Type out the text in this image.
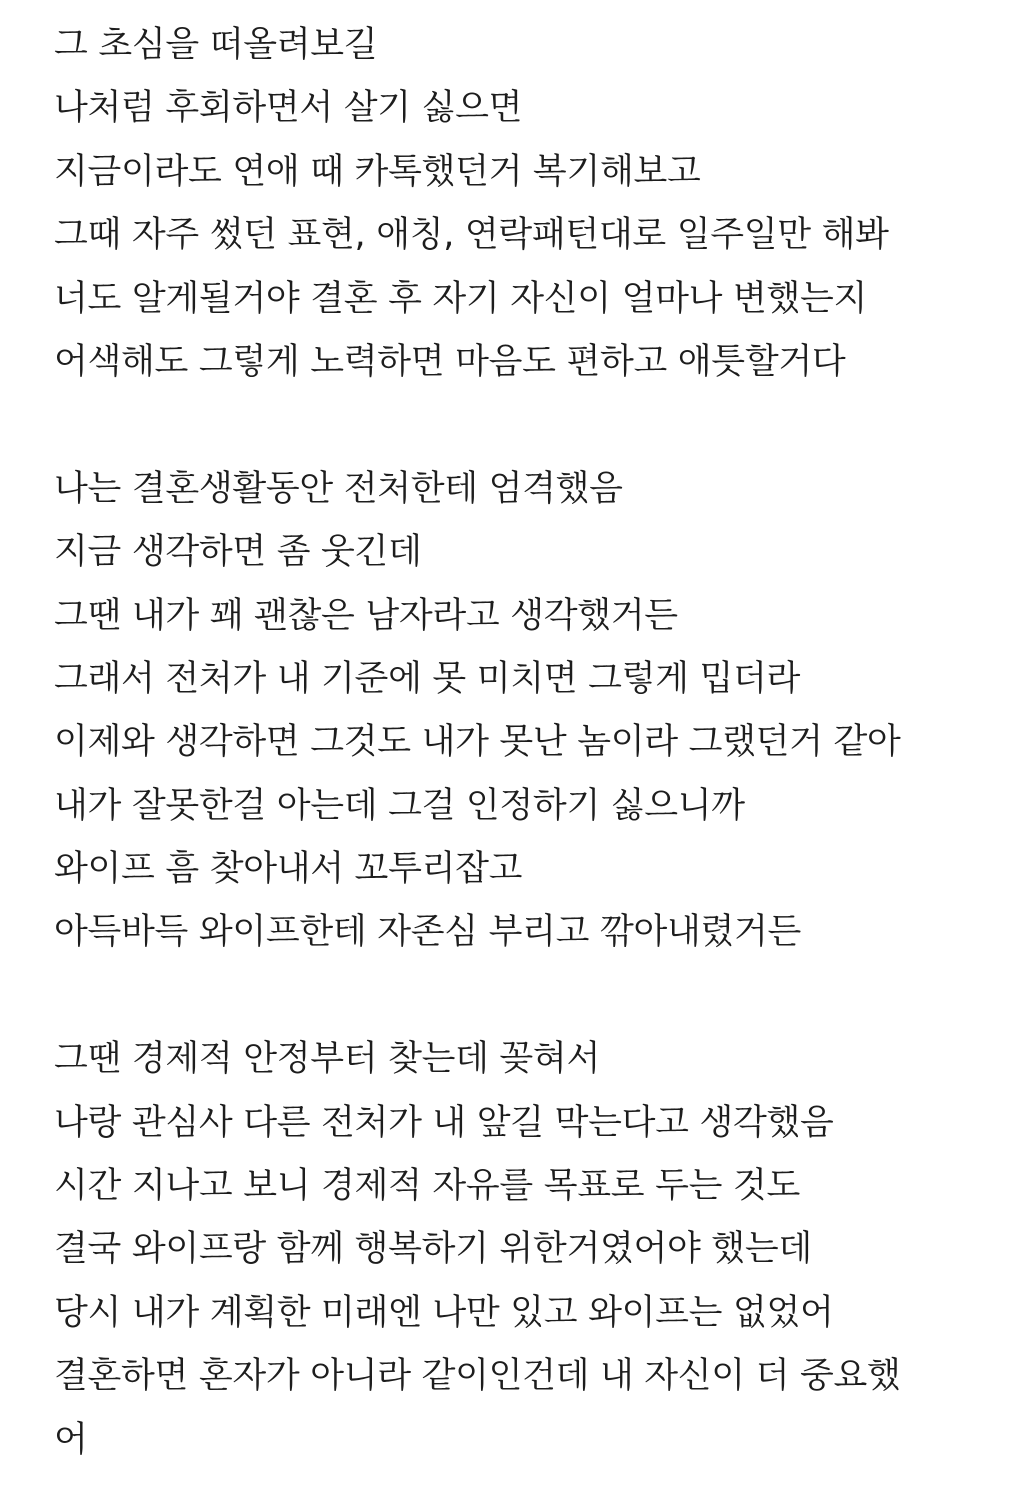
그 초심을 떠올려보길
나처럼 후회하면서 살기 싫으면
지금이라도 연애 때 카톡했던거 복기해보고
그때 자주 썼던 표현, 애칭, 연락패턴대로 일주일만 해봐
너도 알게될거야 결혼 후 자기 자신이 얼마나 변했는지
어색해도 그렇게 노력하면 마음도 편하고 애틋할거다
나는 결혼생활동안 전처한테 엄격했음
지금 생각하면 좀 웃긴데
그땐 내가 꽤 괜찮은 남자라고 생각했거든
그래서 전처가 내 기준에 못 미치면 그렇게 밉더라
이제와 생각하면 그것도 내가 못난 놈이라 그랬던거 같아
내가 잘못한걸 아는데 그걸 인정하기 싫으니까
와이프 흠 찾아내서 꼬투리잡고
아득바득 와이프한테 자존심 부리고 깎아내렸거든
그땐 경제적 안정부터 찾는데 꽂혀서
나랑 관심사 다른 전처가 내 앞길 막는다고 생각했음
시간 지나고 보니 경제적 자유를 목표로 두는 것도
결국 와이프랑 함께 행복하기 위한거였어야 했는데
당시 내가 계획한 미래엔 나만 있고 와이프는 없었어
결혼하면 혼자가 아니라 같이인건데 내 자신이 더 중요했
어
